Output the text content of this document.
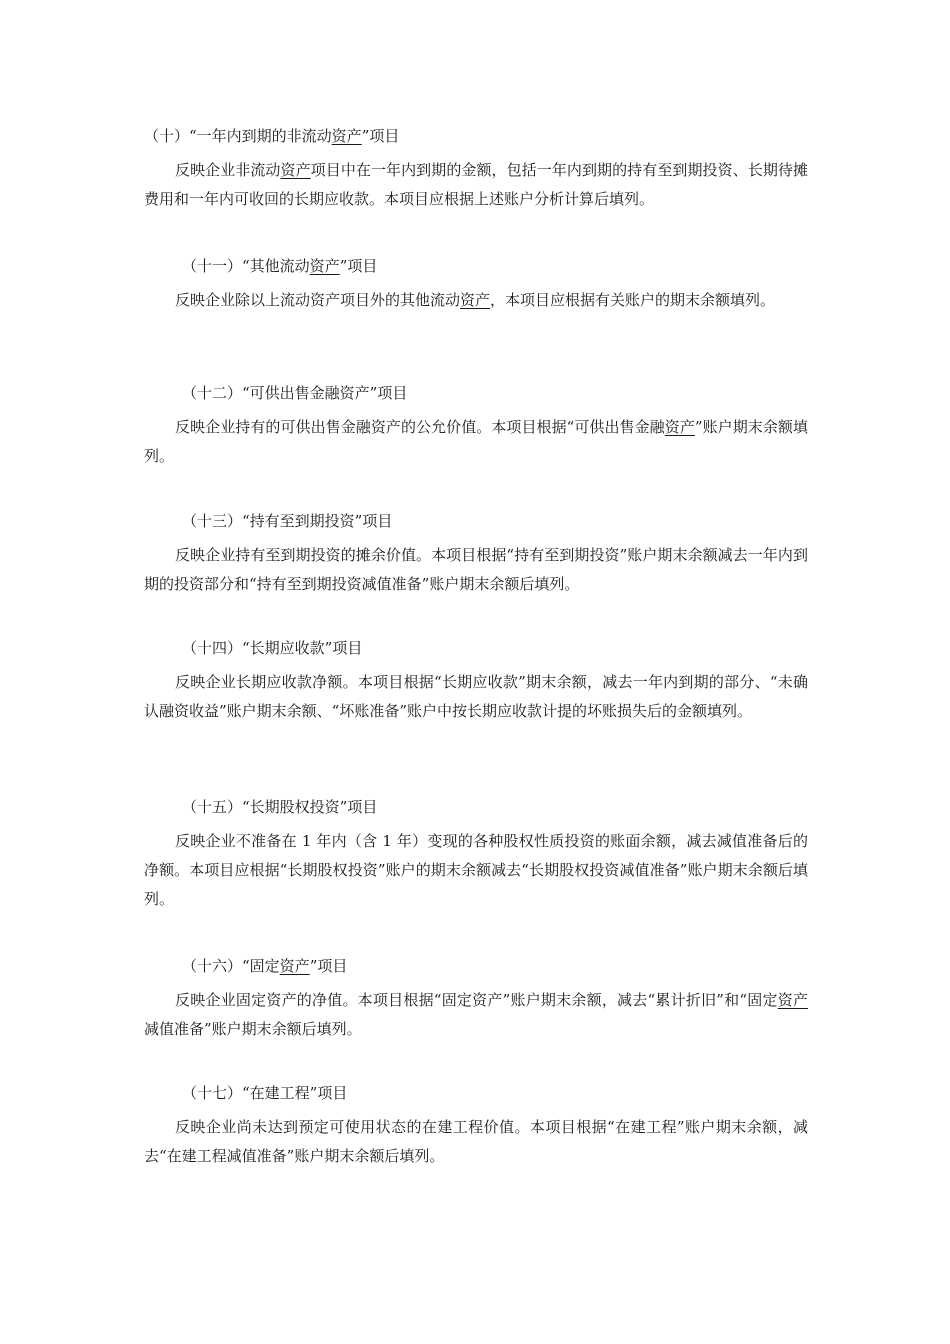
（十）“一年内到期的非流动资产”项目
反映企业非流动资产项目中在一年内到期的金额，包括一年内到期的持有至到期投资、长期待摊费用和一年内可收回的长期应收款。本项目应根据上述账户分析计算后填列。
（十一）“其他流动资产”项目
反映企业除以上流动资产项目外的其他流动资产，本项目应根据有关账户的期末余额填列。
（十二）“可供出售金融资产”项目
反映企业持有的可供出售金融资产的公允价值。本项目根据“可供出售金融资产”账户期末余额填列。
（十三）“持有至到期投资”项目
反映企业持有至到期投资的摊余价值。本项目根据“持有至到期投资”账户期末余额减去一年内到期的投资部分和“持有至到期投资减值准备”账户期末余额后填列。
（十四）“长期应收款”项目
反映企业长期应收款净额。本项目根据“长期应收款”期末余额，减去一年内到期的部分、“未确认融资收益”账户期末余额、“坏账准备”账户中按长期应收款计提的坏账损失后的金额填列。
（十五）“长期股权投资”项目
反映企业不准备在 1 年内（含 1 年）变现的各种股权性质投资的账面余额，减去减值准备后的净额。本项目应根据“长期股权投资”账户的期末余额减去“长期股权投资减值准备”账户期末余额后填列。
（十六）“固定资产”项目
反映企业固定资产的净值。本项目根据“固定资产”账户期末余额，减去“累计折旧”和“固定资产减值准备”账户期末余额后填列。
（十七）“在建工程”项目
反映企业尚未达到预定可使用状态的在建工程价值。本项目根据“在建工程”账户期末余额，减去“在建工程减值准备”账户期末余额后填列。
